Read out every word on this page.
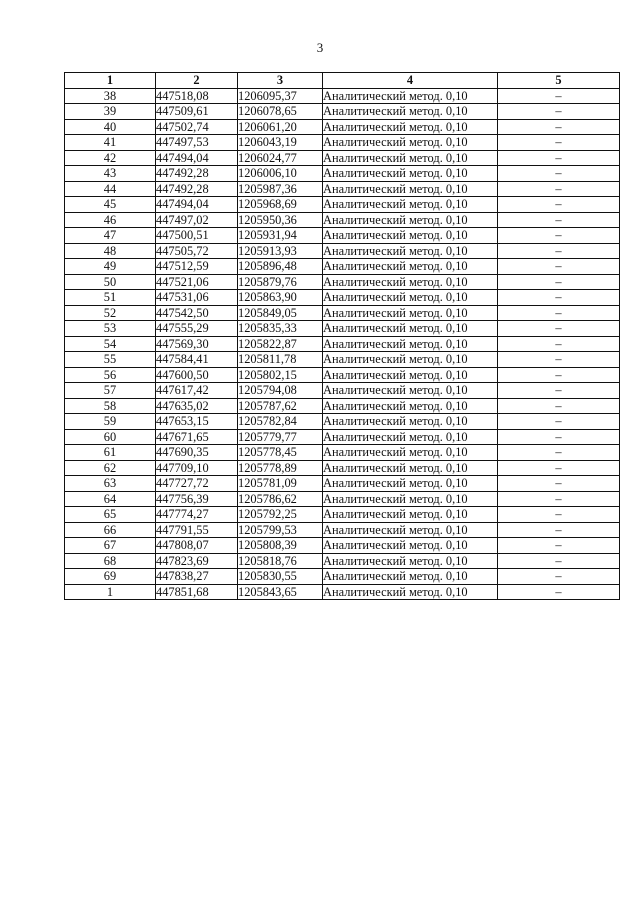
3
1	2	3	4	5
38	447518,08	1206095,37	Аналитический метод. 0,10	–
39	447509,61	1206078,65	Аналитический метод. 0,10	–
40	447502,74	1206061,20	Аналитический метод. 0,10	–
41	447497,53	1206043,19	Аналитический метод. 0,10	–
42	447494,04	1206024,77	Аналитический метод. 0,10	–
43	447492,28	1206006,10	Аналитический метод. 0,10	–
44	447492,28	1205987,36	Аналитический метод. 0,10	–
45	447494,04	1205968,69	Аналитический метод. 0,10	–
46	447497,02	1205950,36	Аналитический метод. 0,10	–
47	447500,51	1205931,94	Аналитический метод. 0,10	–
48	447505,72	1205913,93	Аналитический метод. 0,10	–
49	447512,59	1205896,48	Аналитический метод. 0,10	–
50	447521,06	1205879,76	Аналитический метод. 0,10	–
51	447531,06	1205863,90	Аналитический метод. 0,10	–
52	447542,50	1205849,05	Аналитический метод. 0,10	–
53	447555,29	1205835,33	Аналитический метод. 0,10	–
54	447569,30	1205822,87	Аналитический метод. 0,10	–
55	447584,41	1205811,78	Аналитический метод. 0,10	–
56	447600,50	1205802,15	Аналитический метод. 0,10	–
57	447617,42	1205794,08	Аналитический метод. 0,10	–
58	447635,02	1205787,62	Аналитический метод. 0,10	–
59	447653,15	1205782,84	Аналитический метод. 0,10	–
60	447671,65	1205779,77	Аналитический метод. 0,10	–
61	447690,35	1205778,45	Аналитический метод. 0,10	–
62	447709,10	1205778,89	Аналитический метод. 0,10	–
63	447727,72	1205781,09	Аналитический метод. 0,10	–
64	447756,39	1205786,62	Аналитический метод. 0,10	–
65	447774,27	1205792,25	Аналитический метод. 0,10	–
66	447791,55	1205799,53	Аналитический метод. 0,10	–
67	447808,07	1205808,39	Аналитический метод. 0,10	–
68	447823,69	1205818,76	Аналитический метод. 0,10	–
69	447838,27	1205830,55	Аналитический метод. 0,10	–
1	447851,68	1205843,65	Аналитический метод. 0,10	–
